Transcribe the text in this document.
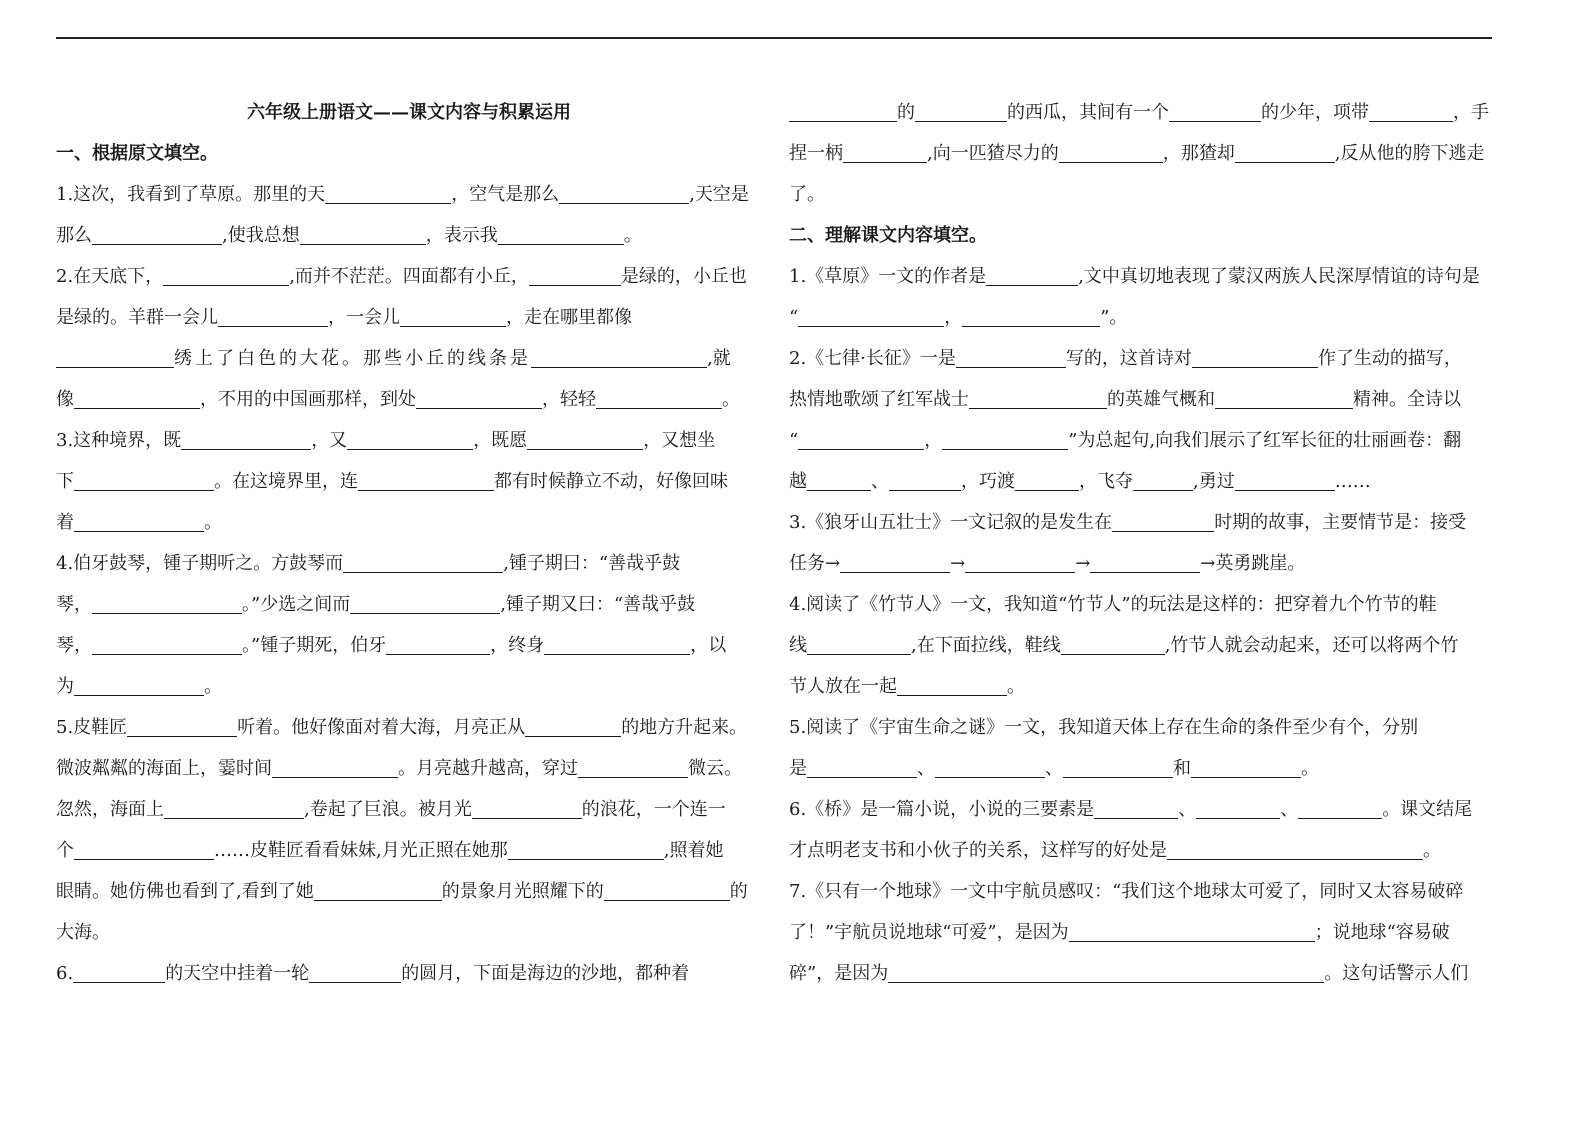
六年级上册语文——课文内容与积累运用
一、根据原文填空。
1.这次，我看到了草原。那里的天	，空气是那么	,天空是
那么	,使我总想	，表示我	。
2.在天底下，	,而并不茫茫。四面都有小丘，	是绿的，小丘也
是绿的。羊群一会儿	，一会儿	，走在哪里都像
绣上了白色的大花。那些小丘的线条是	,就
像	，不用的中国画那样，到处	，轻轻	。
3.这种境界，既	，又	，既愿	，又想坐
下	。在这境界里，连	都有时候静立不动，好像回味
着	。
4.伯牙鼓琴，锺子期听之。方鼓琴而	,锺子期曰：“善哉乎鼓
琴，	。”少选之间而	,锺子期又曰：“善哉乎鼓
琴，	。”锺子期死，伯牙	，终身	，以
为	。
5.皮鞋匠	听着。他好像面对着大海，月亮正从	的地方升起来。
微波粼粼的海面上，霎时间	。月亮越升越高，穿过	微云。
忽然，海面上	,卷起了巨浪。被月光	的浪花，一个连一
个	……皮鞋匠看看妹妹,月光正照在她那	,照着她
眼睛。她仿佛也看到了,看到了她	的景象月光照耀下的	的
大海。
6.	的天空中挂着一轮	的圆月，下面是海边的沙地，都种着
的	的西瓜，其间有一个	的少年，项带	，手
捏一柄	,向一匹猹尽力的	，那猹却	,反从他的胯下逃走
了。
二、理解课文内容填空。
1.《草原》一文的作者是	,文中真切地表现了蒙汉两族人民深厚情谊的诗句是
“	，	”。
2.《七律·长征》一是	写的，这首诗对	作了生动的描写，
热情地歌颂了红军战士	的英雄气概和	精神。全诗以
“	，	”为总起句,向我们展示了红军长征的壮丽画卷：翻
越	、	，巧渡	，飞夺	,勇过	……
3.《狼牙山五壮士》一文记叙的是发生在	时期的故事，主要情节是：接受
任务→	→	→	→英勇跳崖。
4.阅读了《竹节人》一文，我知道“竹节人”的玩法是这样的：把穿着九个竹节的鞋
线	,在下面拉线，鞋线	,竹节人就会动起来，还可以将两个竹
节人放在一起	。
5.阅读了《宇宙生命之谜》一文，我知道天体上存在生命的条件至少有个，分别
是	、	、	和	。
6.《桥》是一篇小说，小说的三要素是	、	、	。课文结尾
才点明老支书和小伙子的关系，这样写的好处是	。
7.《只有一个地球》一文中宇航员感叹：“我们这个地球太可爱了，同时又太容易破碎
了！”宇航员说地球“可爱”，是因为	；说地球“容易破
碎”，是因为	。这句话警示人们
